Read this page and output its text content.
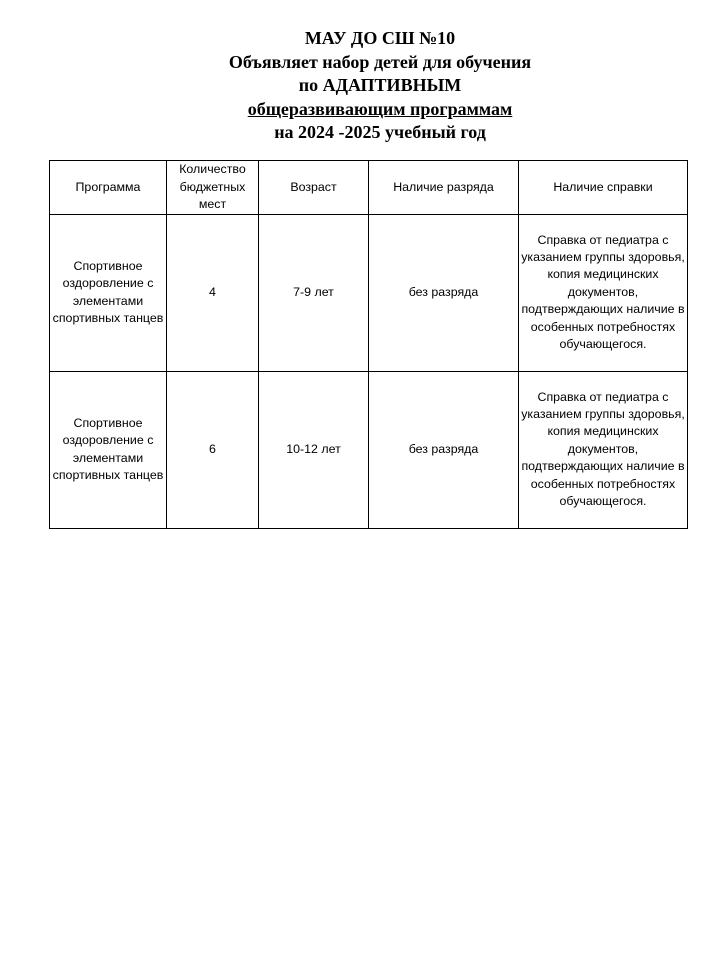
МАУ ДО СШ №10
Объявляет набор детей для обучения
по АДАПТИВНЫМ
общеразвивающим программам
на 2024 -2025 учебный год
Программа	Количество бюджетных мест	Возраст	Наличие разряда	Наличие справки
Спортивное оздоровление с элементами спортивных танцев	4	7-9 лет	без разряда	Справка от педиатра с указанием группы здоровья, копия медицинских документов, подтверждающих наличие в особенных потребностях обучающегося.
Спортивное оздоровление с элементами спортивных танцев	6	10-12 лет	без разряда	Справка от педиатра с указанием группы здоровья, копия медицинских документов, подтверждающих наличие в особенных потребностях обучающегося.
